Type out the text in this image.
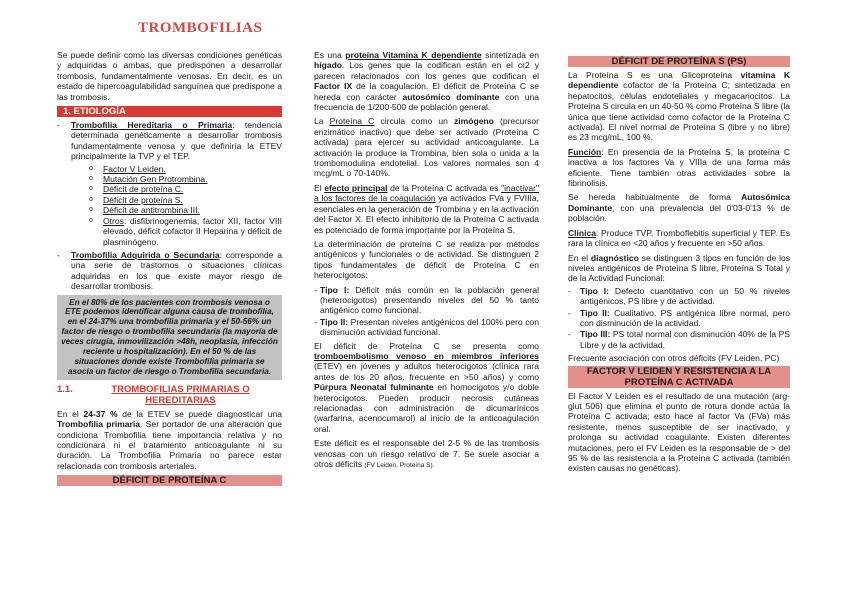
TROMBOFILIAS
Se puede definir como las diversas condiciones genéticas y adquiridas o ambas, que predisponen a desarrollar trombosis, fundamentalmente venosas. En decir, es un estado de hipercoagulabilidad sanguínea que predispone a las trombosis.
1. ETIOLOGÍA
-	Trombofilia Hereditaria o Primaria: tendencia determinada genéticamente a desarrollar trombosis fundamentalmente venosa y que definiría la ETEV principalmente la TVP y el TEP.
o	Factor V Leiden.
o	Mutación Gen Protrombina.
o	Déficit de proteína C.
o	Déficit de proteína S.
o	Déficit de antitrombina III.
o	Otros: disfibrinogenemia, factor XII, factor VIII elevado, déficit cofactor II Heparina y déficit de plasminógeno.
-	Trombofilia Adquirida o Secundaria: corresponde a una serie de trastornos o situaciones clínicas adquiridas en los que existe mayor riesgo de desarrollar trombosis.
En el 80% de los pacientes con trombosis venosa o ETE podemos identificar alguna causa de trombofilia, en el 24-37% una trombofilia primaria y el 50-56% un factor de riesgo o trombofilia secundaria (la mayoría de veces cirugía, inmovilización >48h, neoplasia, infección reciente u hospitalización). En el 50 % de las situaciones donde existe Trombofilia primaria se asocia un factor de riesgo o Trombofilia secundaria.
1.1.	TROMBOFILIAS PRIMARIAS O HEREDITARIAS
En el 24-37 % de la ETEV se puede diagnosticar una Trombofilia primaria. Ser portador de una alteración que condiciona Trombofilia tiene importancia relativa y no condicionará ni el tratamiento anticoagulante ni su duración. La Trombofilia Primaria no parece estar relacionada con trombosis arteriales.
DÉFICIT DE PROTEÍNA C
Es una proteína Vitamina K dependiente sintetizada en hígado. Los genes que la codifican están en el cr2 y parecen relacionados con los genes que codifican el Factor IX de la coagulación. El déficit de Proteína C se hereda con carácter autosómico dominante con una frecuencia de 1/200-500 de población general.
La Proteína C circula como un zimógeno (precursor enzimático inactivo) que debe ser activado (Proteína C activada) para ejercer su actividad anticoagulante. La activación la produce la Trombina, bien sola o unida a la trombomodulina endotelial. Los valores normales son 4 mcg/mL o 70-140%.
El efecto principal de la Proteína C activada es "inactivar" a los factores de la coagulación ya activados FVa y FVIIIa, esenciales en la generación de Trombina y en la activación del Factor X. El efecto inhibitorio de la Proteína C activada es potenciado de forma importante por la Proteína S.
La determinación de proteína C se realiza por métodos antigénicos y funcionales o de actividad. Se distinguen 2 tipos fundamentales de déficit de Proteína C en heterocigotos:
- Tipo I: Déficit más común en la población general (heterocigotos) presentando niveles del 50 % tanto antigénico como funcional.
- Tipo II: Presentan niveles antigénicos del 100% pero con disminución actividad funcional.
El déficit de Proteína C se presenta como tromboembolismo venoso en miembros inferiores (ETEV) en jóvenes y adultos heterocigotos (clínica rara antes de los 20 años, frecuente en >50 años) y como Púrpura Neonatal fulminante en homocigotos y/o doble heterocigotos. Pueden producir necrosis cutáneas relacionadas con administración de dicumarínicos (warfarina, acenocumarol) al inicio de la anticoagulación oral.
Este déficit es el responsable del 2-5 % de las trombosis venosas con un riesgo relativo de 7. Se suele asociar a otros déficits (FV Leiden, Proteína S).
DÉFICIT DE PROTEÍNA S (PS)
La Proteína S es una Glicoproteína vitamina K dependiente cofactor de la Proteína C; sintetizada en hepatocitos, células endoteliales y megacariocitos. La Proteína S circula en un 40-50 % como Proteína S libre (la única que tiene actividad como cofactor de la Proteína C activada). El nivel normal de Proteína S (libre y no libre) es 23 mcg/mL, 100 %.
Función: En presencia de la Proteína S, la proteína C inactiva a los factores Va y VIIIa de una forma más eficiente. Tiene también otras actividades sobre la fibrinolisis.
Se hereda habitualmente de forma Autosómica Dominante, con una prevalencia del 0'03-0'13 % de población.
Clínica: Produce TVP, Tromboflebitis superficial y TEP. Es rara la clínica en <20 años y frecuente en >50 años.
En el diagnóstico se distinguen 3 tipos en función de los niveles antigénicos de Proteína S libre, Proteína S Total y de la Actividad Funcional:
-	Tipo I: Defecto cuantitativo con un 50 % niveles antigénicos, PS libre y de actividad.
-	Tipo II: Cualitativo. PS antigénica libre normal, pero con disminución de la actividad.
-	Tipo III: PS total normal con disminución 40% de la PS Libre y de la actividad.
Frecuente asociación con otros déficits (FV Leiden, PC)
FACTOR V LEIDEN Y RESISTENCIA A LA PROTEÍNA C ACTIVADA
El Factor V Leiden es el resultado de una mutación (arg-glut 506) que elimina el punto de rotura donde actúa la Proteína C activada; esto hace al factor Va (FVa) más resistente, menos susceptible de ser inactivado, y prolonga su actividad coagulante. Existen diferentes mutaciones, pero el FV Leiden es la responsable de > del 95 % de las resistencia a la Proteína C activada (también existen causas no genéticas).
